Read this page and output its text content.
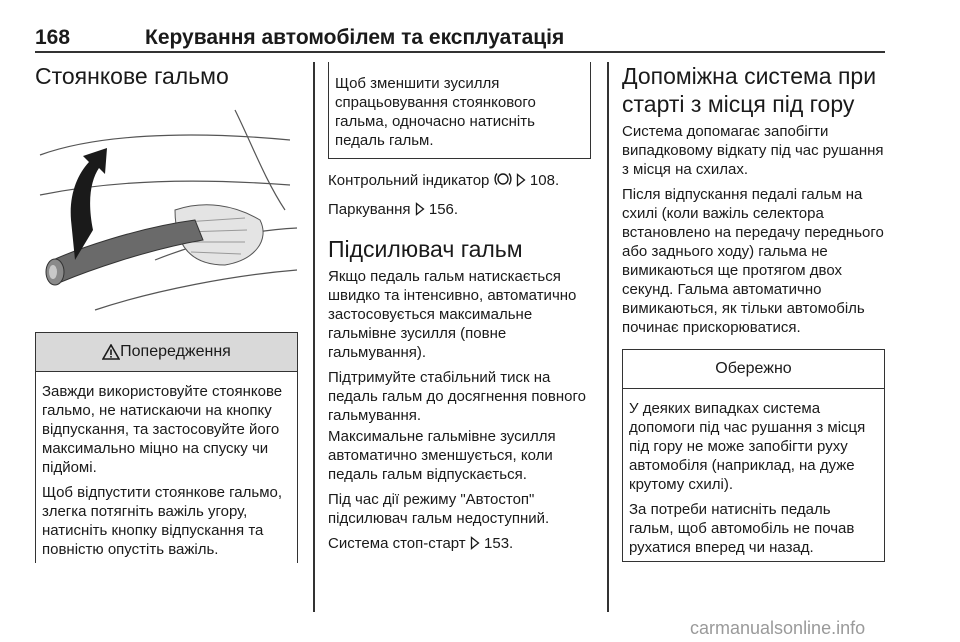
168	Керування автомобілем та експлуатація
Стоянкове гальмо
Попередження

Завжди використовуйте стоянкове гальмо, не натискаючи на кнопку відпускання, та застосовуйте його максимально міцно на спуску чи підйомі.

Щоб відпустити стоянкове гальмо, злегка потягніть важіль угору, натисніть кнопку відпускання та повністю опустіть важіль.

Щоб зменшити зусилля спрацьовування стоянкового гальма, одночасно натисніть педаль гальм.

Контрольний індикатор	108.

Паркування 156.

Підсилювач гальм

Якщо педаль гальм натискається швидко та інтенсивно, автоматично застосовується максимальне гальмівне зусилля (повне гальмування).

Підтримуйте стабільний тиск на педаль гальм до досягнення повного гальмування.

Максимальне гальмівне зусилля автоматично зменшується, коли педаль гальм відпускається.

Під час дії режиму "Автостоп" підсилювач гальм недоступний.

Система стоп-старт 153.

Допоміжна система при старті з місця під гору

Система допомагає запобігти випадковому відкату під час рушання з місця на схилах.

Після відпускання педалі гальм на схилі (коли важіль селектора встановлено на передачу переднього або заднього ходу) гальма не вимикаються ще протягом двох секунд. Гальма автоматично вимикаються, як тільки автомобіль починає прискорюватися.

Обережно

У деяких випадках система допомоги під час рушання з місця під гору не може запобігти руху автомобіля (наприклад, на дуже крутому схилі).

За потреби натисніть педаль гальм, щоб автомобіль не почав рухатися вперед чи назад.

carmanualsonline.info
